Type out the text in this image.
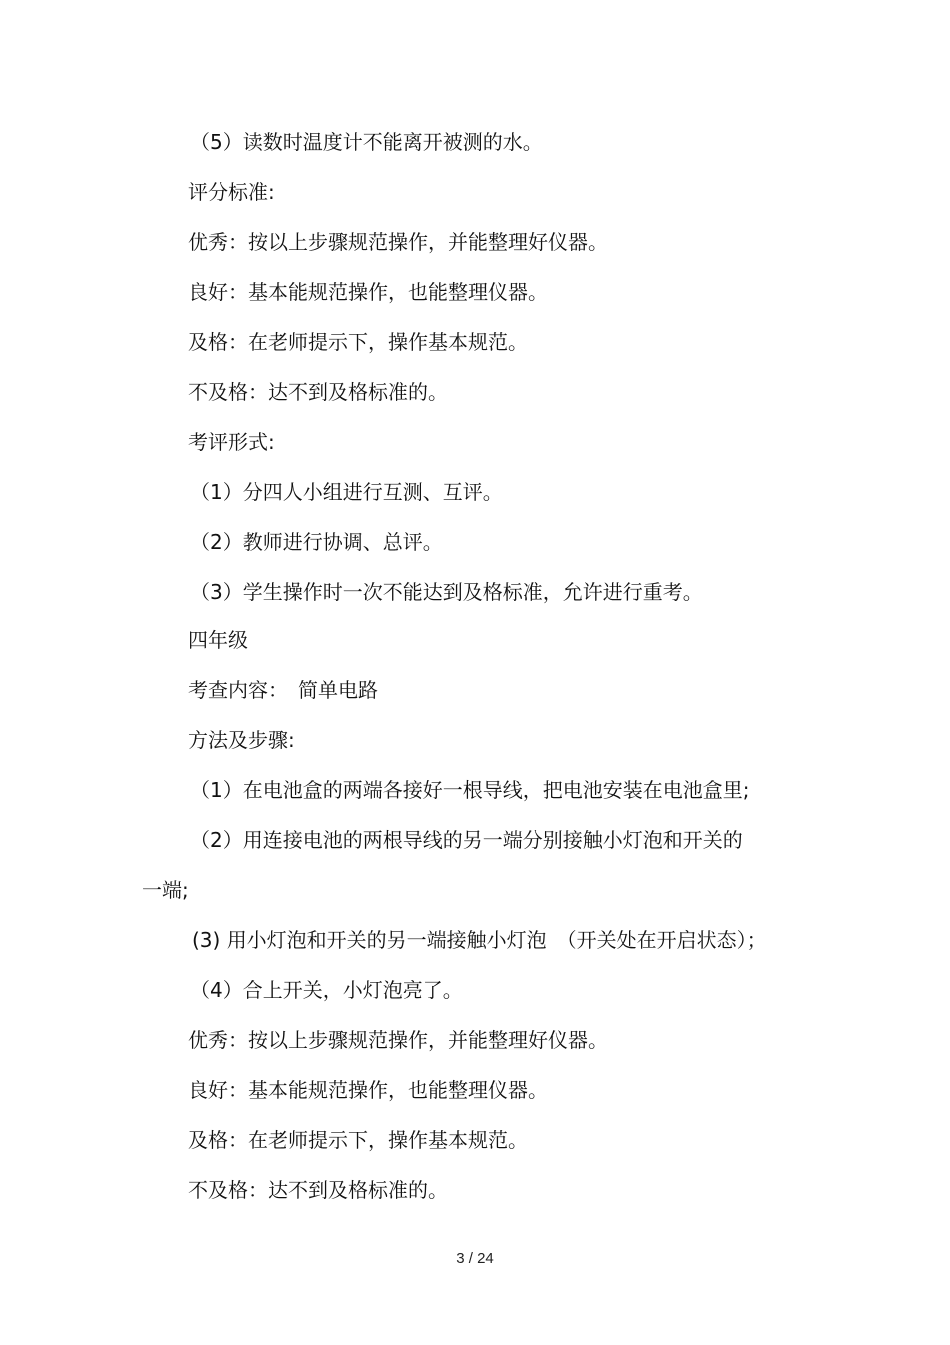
（5）读数时温度计不能离开被测的水。
评分标准:
优秀：按以上步骤规范操作，并能整理好仪器。
良好：基本能规范操作，也能整理仪器。
及格：在老师提示下，操作基本规范。
不及格：达不到及格标准的。
考评形式:
（1）分四人小组进行互测、互评。
（2）教师进行协调、总评。
（3）学生操作时一次不能达到及格标准，允许进行重考。
四年级
考查内容：　简单电路
方法及步骤:
（1）在电池盒的两端各接好一根导线，把电池安装在电池盒里;
（2）用连接电池的两根导线的另一端分别接触小灯泡和开关的
一端;
(3) 用小灯泡和开关的另一端接触小灯泡　（开关处在开启状态）；
（4）合上开关，小灯泡亮了。
优秀：按以上步骤规范操作，并能整理好仪器。
良好：基本能规范操作，也能整理仪器。
及格：在老师提示下，操作基本规范。
不及格：达不到及格标准的。
3 / 24
